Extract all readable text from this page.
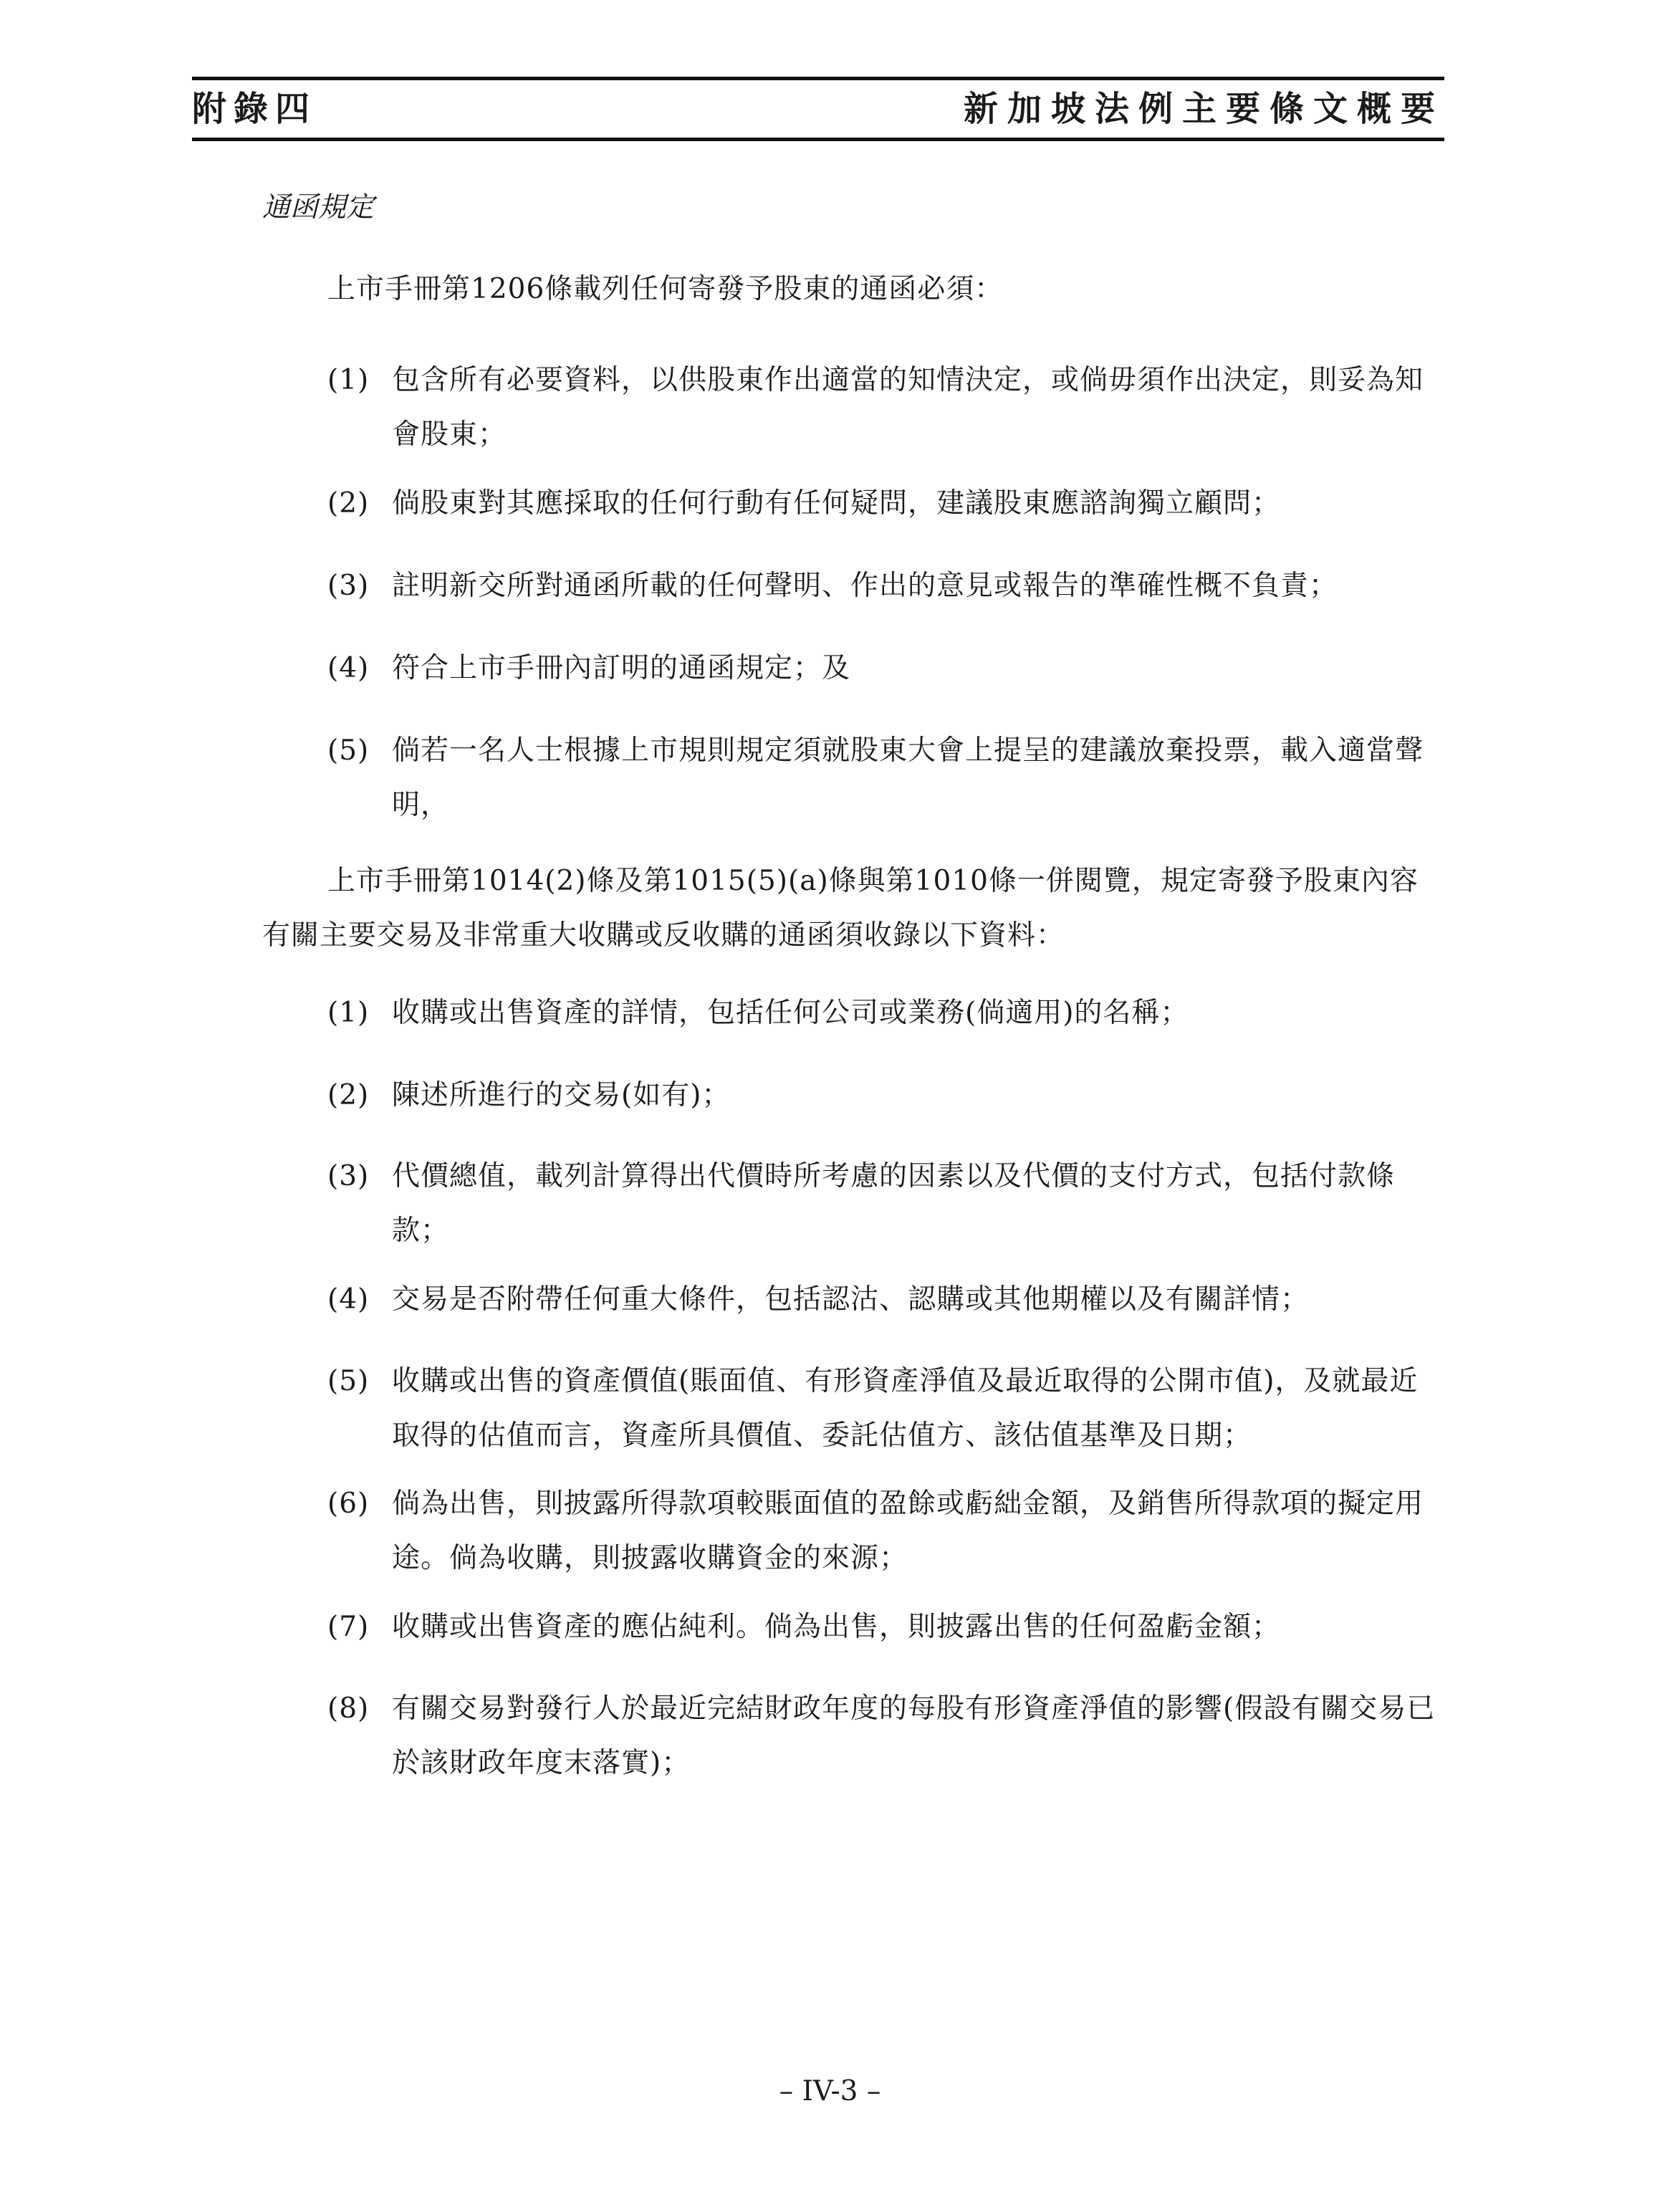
附錄四	新加坡法例主要條文概要
通函規定
上市手冊第1206條載列任何寄發予股東的通函必須：
(1) 包含所有必要資料，以供股東作出適當的知情決定，或倘毋須作出決定，則妥為知會股東；
(2) 倘股東對其應採取的任何行動有任何疑問，建議股東應諮詢獨立顧問；
(3) 註明新交所對通函所載的任何聲明、作出的意見或報告的準確性概不負責；
(4) 符合上市手冊內訂明的通函規定；及
(5) 倘若一名人士根據上市規則規定須就股東大會上提呈的建議放棄投票，載入適當聲明，
上市手冊第1014(2)條及第1015(5)(a)條與第1010條一併閱覽，規定寄發予股東內容有關主要交易及非常重大收購或反收購的通函須收錄以下資料：
(1) 收購或出售資產的詳情，包括任何公司或業務(倘適用)的名稱；
(2) 陳述所進行的交易(如有)；
(3) 代價總值，載列計算得出代價時所考慮的因素以及代價的支付方式，包括付款條款；
(4) 交易是否附帶任何重大條件，包括認沽、認購或其他期權以及有關詳情；
(5) 收購或出售的資產價值(賬面值、有形資產淨值及最近取得的公開市值)，及就最近取得的估值而言，資產所具價值、委託估值方、該估值基準及日期；
(6) 倘為出售，則披露所得款項較賬面值的盈餘或虧絀金額，及銷售所得款項的擬定用途。倘為收購，則披露收購資金的來源；
(7) 收購或出售資產的應佔純利。倘為出售，則披露出售的任何盈虧金額；
(8) 有關交易對發行人於最近完結財政年度的每股有形資產淨值的影響(假設有關交易已於該財政年度末落實)；
– IV-3 –
